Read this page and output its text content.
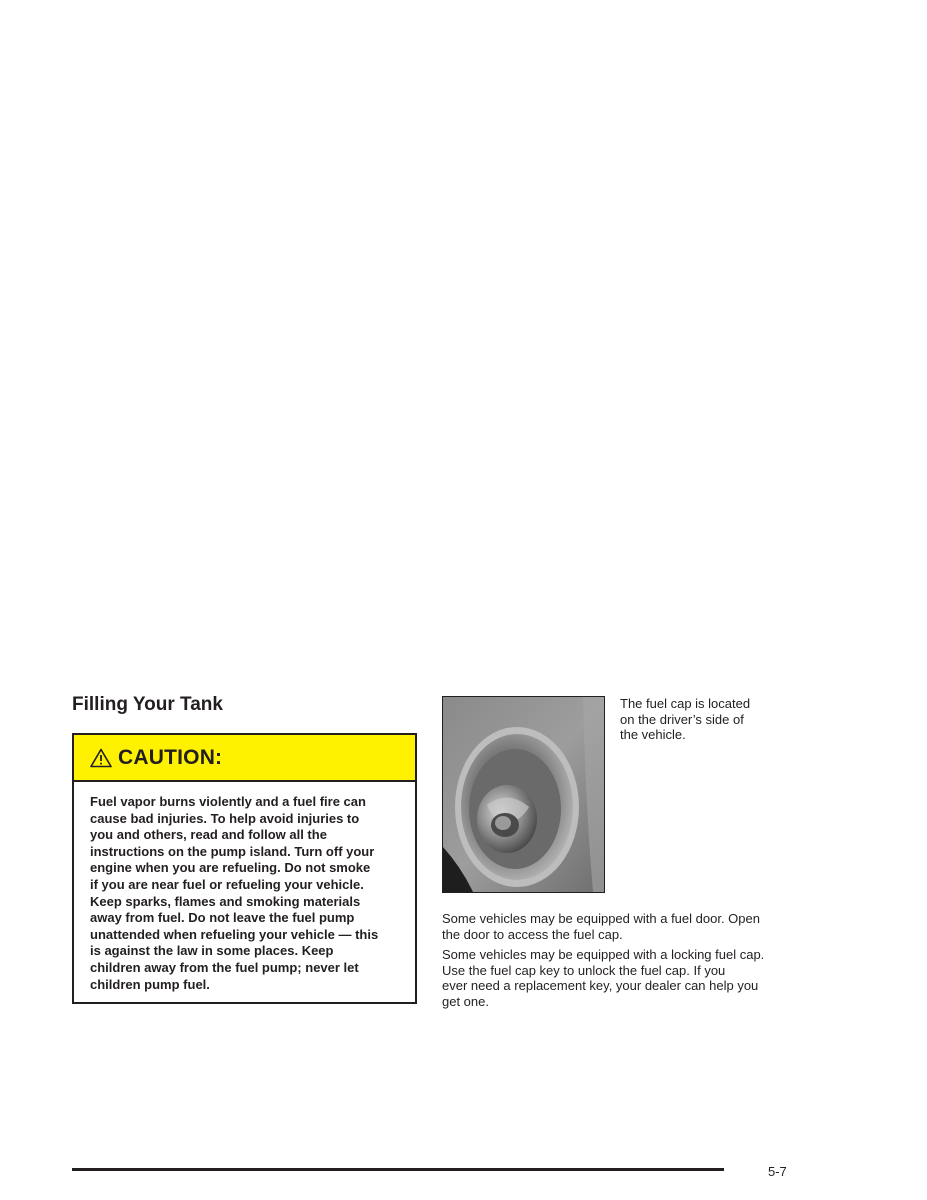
Filling Your Tank
CAUTION:

Fuel vapor burns violently and a fuel fire can
cause bad injuries. To help avoid injuries to
you and others, read and follow all the
instructions on the pump island. Turn off your
engine when you are refueling. Do not smoke
if you are near fuel or refueling your vehicle.
Keep sparks, flames and smoking materials
away from fuel. Do not leave the fuel pump
unattended when refueling your vehicle — this
is against the law in some places. Keep
children away from the fuel pump; never let
children pump fuel.

The fuel cap is located
on the driver’s side of
the vehicle.

Some vehicles may be equipped with a fuel door. Open
the door to access the fuel cap.

Some vehicles may be equipped with a locking fuel cap.
Use the fuel cap key to unlock the fuel cap. If you
ever need a replacement key, your dealer can help you
get one.

5-7
